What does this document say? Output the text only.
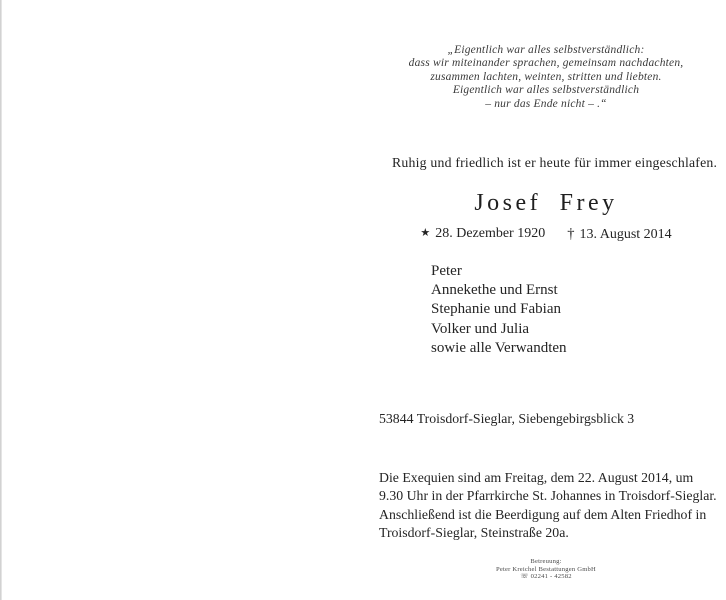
„Eigentlich war alles selbstverständlich:
dass wir miteinander sprachen, gemeinsam nachdachten,
zusammen lachten, weinten, stritten und liebten.
Eigentlich war alles selbstverständlich
– nur das Ende nicht – .“
Ruhig und friedlich ist er heute für immer eingeschlafen.
Josef Frey
★ 28. Dezember 1920 † 13. August 2014
Peter
Annekethe und Ernst
Stephanie und Fabian
Volker und Julia
sowie alle Verwandten
53844 Troisdorf-Sieglar, Siebengebirgsblick 3
Die Exequien sind am Freitag, dem 22. August 2014, um
9.30 Uhr in der Pfarrkirche St. Johannes in Troisdorf-Sieglar.
Anschließend ist die Beerdigung auf dem Alten Friedhof in
Troisdorf-Sieglar, Steinstraße 20a.
Betreuung:
Peter Kreichel Bestattungen GmbH
☏ 02241 - 42582
